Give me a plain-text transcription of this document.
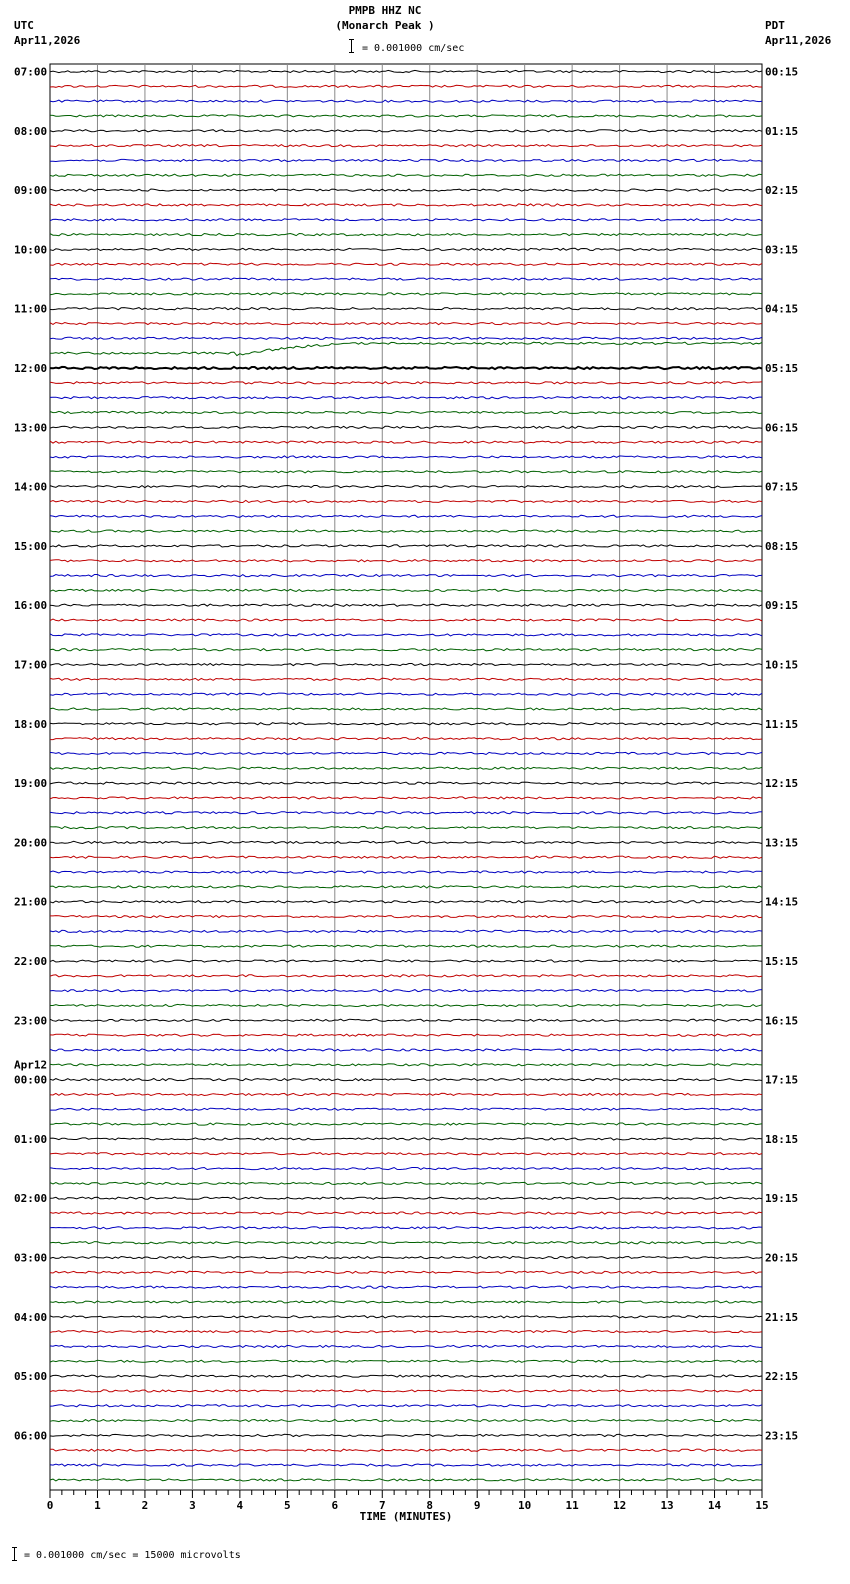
PMPB HHZ NC
(Monarch Peak )
= 0.001000 cm/sec
UTC
Apr11,2026
PDT
Apr11,2026
07:00	00:15
08:00	01:15
09:00	02:15
10:00	03:15
11:00	04:15
12:00	05:15
13:00	06:15
14:00	07:15
15:00	08:15
16:00	09:15
17:00	10:15
18:00	11:15
19:00	12:15
20:00	13:15
21:00	14:15
22:00	15:15
23:00	16:15
Apr12
00:00	17:15
01:00	18:15
02:00	19:15
03:00	20:15
04:00	21:15
05:00	22:15
06:00	23:15
0	1	2	3	4	5	6	7	8	9	10	11	12	13	14	15
TIME (MINUTES)
= 0.001000 cm/sec = 15000 microvolts
